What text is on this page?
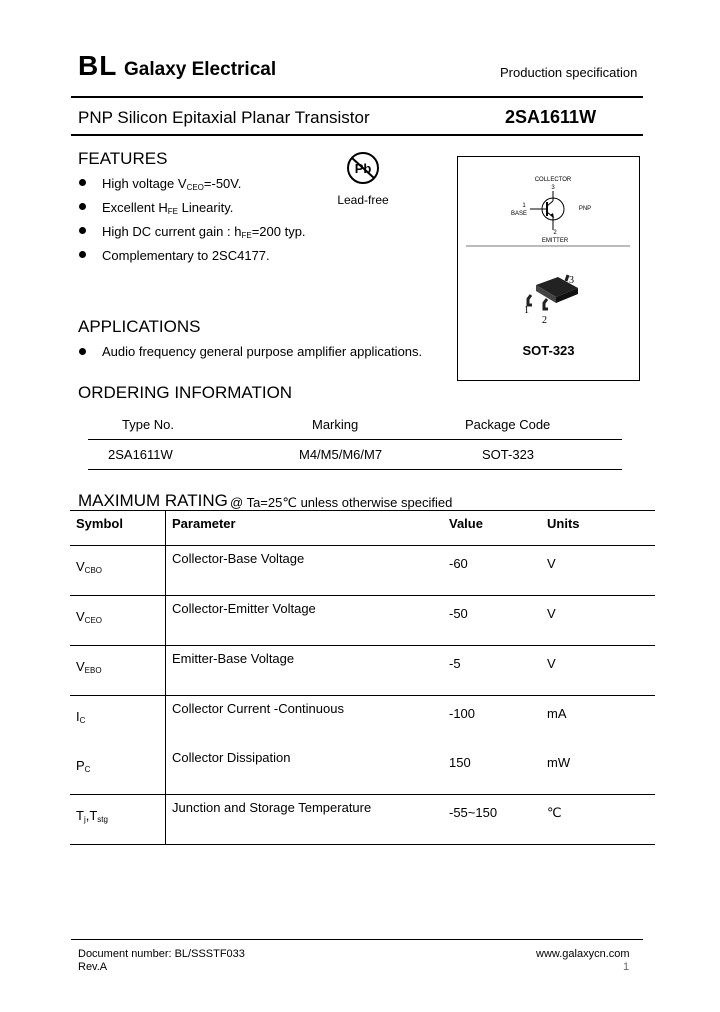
BL Galaxy Electrical	Production specification
PNP Silicon Epitaxial Planar Transistor	2SA1611W
FEATURES
High voltage $V_{CEO}=-50V$.
Excellent $H_{FE}$ Linearity.
High DC current gain : $h_{FE}=200$ typ.
Complementary to 2SC4177.
Pb
Lead-free
COLLECTOR
3
1
BASE
PNP
2
EMITTER
3
1
2
SOT-323
APPLICATIONS
Audio frequency general purpose amplifier applications.
ORDERING INFORMATION
Type No.	Marking	Package Code
2SA1611W	M4/M5/M6/M7	SOT-323
MAXIMUM RATING @ Ta=25℃ unless otherwise specified
Symbol	Parameter	Value	Units
$V_{CBO}$	Collector-Base Voltage	-60	V
$V_{CEO}$	Collector-Emitter Voltage	-50	V
$V_{EBO}$	Emitter-Base Voltage	-5	V
$I_C$	Collector Current -Continuous	-100	mA
$P_C$	Collector Dissipation	150	mW
$T_j,T_{stg}$	Junction and Storage Temperature	-55~150	℃
Document number: BL/SSSTF033
Rev.A
www.galaxycn.com
1
